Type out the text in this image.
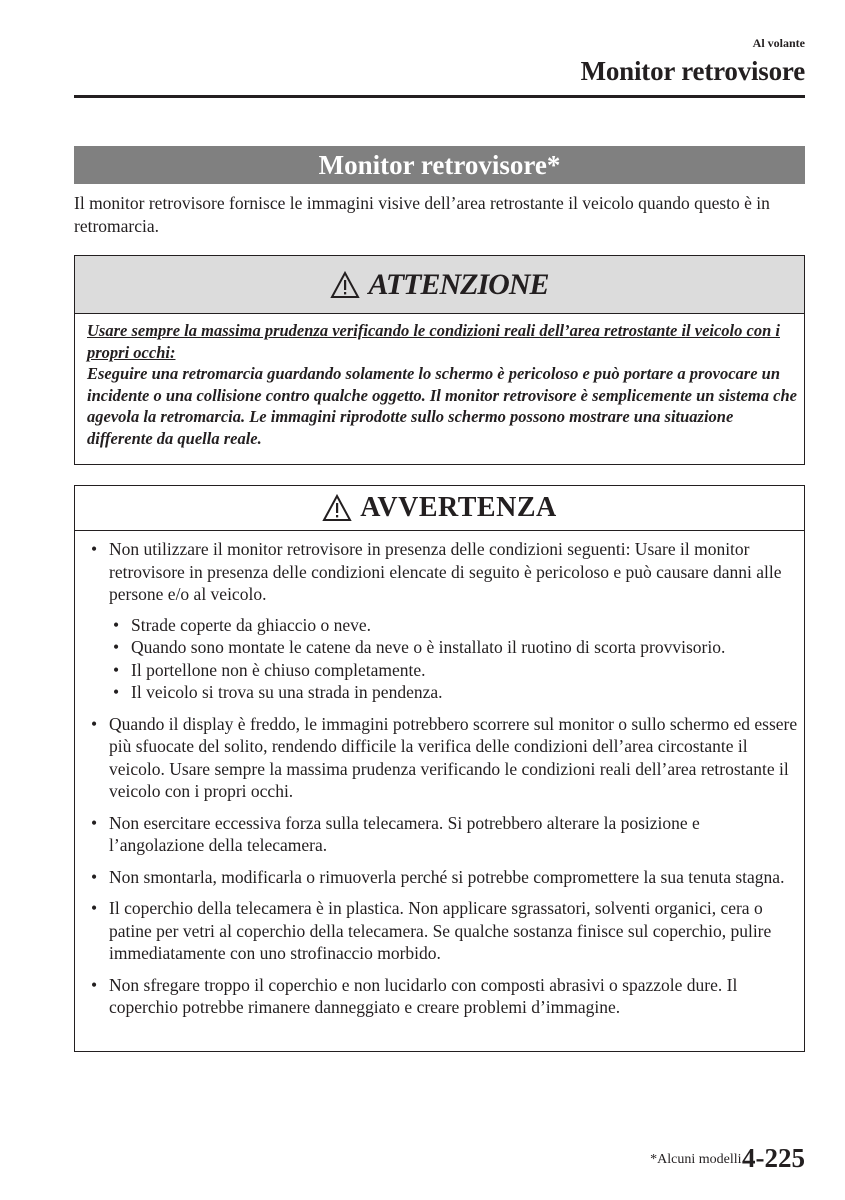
Al volante
Monitor retrovisore
Monitor retrovisore*
Il monitor retrovisore fornisce le immagini visive dell’area retrostante il veicolo quando questo è in retromarcia.
ATTENZIONE
Usare sempre la massima prudenza verificando le condizioni reali dell’area retrostante il veicolo con i propri occhi:
Eseguire una retromarcia guardando solamente lo schermo è pericoloso e può portare a provocare un incidente o una collisione contro qualche oggetto. Il monitor retrovisore è semplicemente un sistema che agevola la retromarcia. Le immagini riprodotte sullo schermo possono mostrare una situazione differente da quella reale.
AVVERTENZA
• Non utilizzare il monitor retrovisore in presenza delle condizioni seguenti: Usare il monitor retrovisore in presenza delle condizioni elencate di seguito è pericoloso e può causare danni alle persone e/o al veicolo.
• Strade coperte da ghiaccio o neve.
• Quando sono montate le catene da neve o è installato il ruotino di scorta provvisorio.
• Il portellone non è chiuso completamente.
• Il veicolo si trova su una strada in pendenza.
• Quando il display è freddo, le immagini potrebbero scorrere sul monitor o sullo schermo ed essere più sfuocate del solito, rendendo difficile la verifica delle condizioni dell’area circostante il veicolo. Usare sempre la massima prudenza verificando le condizioni reali dell’area retrostante il veicolo con i propri occhi.
• Non esercitare eccessiva forza sulla telecamera. Si potrebbero alterare la posizione e l’angolazione della telecamera.
• Non smontarla, modificarla o rimuoverla perché si potrebbe compromettere la sua tenuta stagna.
• Il coperchio della telecamera è in plastica. Non applicare sgrassatori, solventi organici, cera o patine per vetri al coperchio della telecamera. Se qualche sostanza finisce sul coperchio, pulire immediatamente con uno strofinaccio morbido.
• Non sfregare troppo il coperchio e non lucidarlo con composti abrasivi o spazzole dure. Il coperchio potrebbe rimanere danneggiato e creare problemi d’immagine.
*Alcuni modelli.
4-225
